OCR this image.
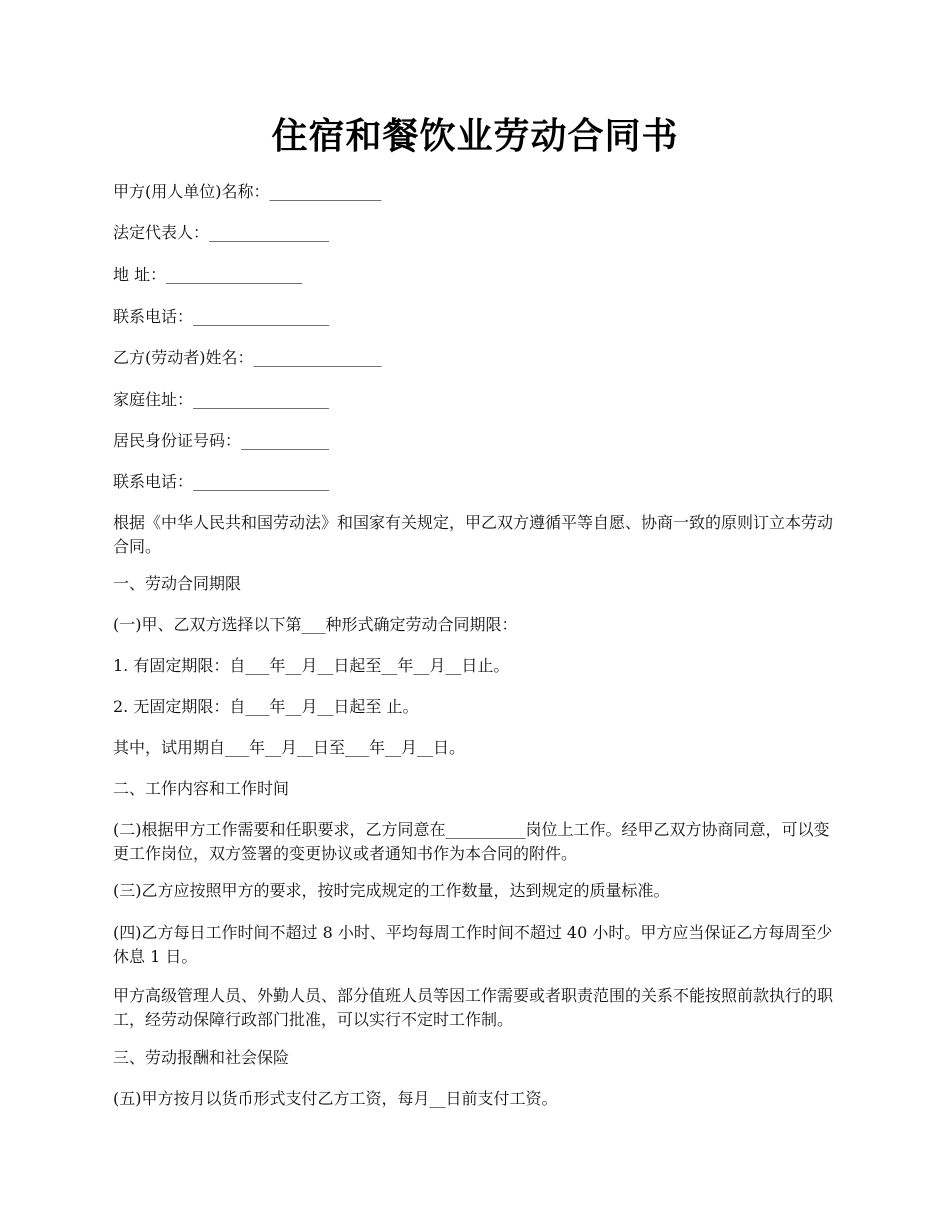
住宿和餐饮业劳动合同书

甲方(用人单位)名称：______________

法定代表人：_______________

地 址：_________________

联系电话：_________________

乙方(劳动者)姓名：________________

家庭住址：_________________

居民身份证号码：___________

联系电话：_________________

根据《中华人民共和国劳动法》和国家有关规定，甲乙双方遵循平等自愿、协商一致的原则订立本劳动合同。

一、劳动合同期限

(一)甲、乙双方选择以下第___种形式确定劳动合同期限：

1. 有固定期限：自___年__月__日起至__年__月__日止。

2. 无固定期限：自___年__月__日起至 止。

其中，试用期自___年__月__日至___年__月__日。

二、工作内容和工作时间

(二)根据甲方工作需要和任职要求，乙方同意在__________岗位上工作。经甲乙双方协商同意，可以变更工作岗位，双方签署的变更协议或者通知书作为本合同的附件。

(三)乙方应按照甲方的要求，按时完成规定的工作数量，达到规定的质量标准。

(四)乙方每日工作时间不超过 8 小时、平均每周工作时间不超过 40 小时。甲方应当保证乙方每周至少休息 1 日。

甲方高级管理人员、外勤人员、部分值班人员等因工作需要或者职责范围的关系不能按照前款执行的职工，经劳动保障行政部门批准，可以实行不定时工作制。

三、劳动报酬和社会保险

(五)甲方按月以货币形式支付乙方工资，每月__日前支付工资。
